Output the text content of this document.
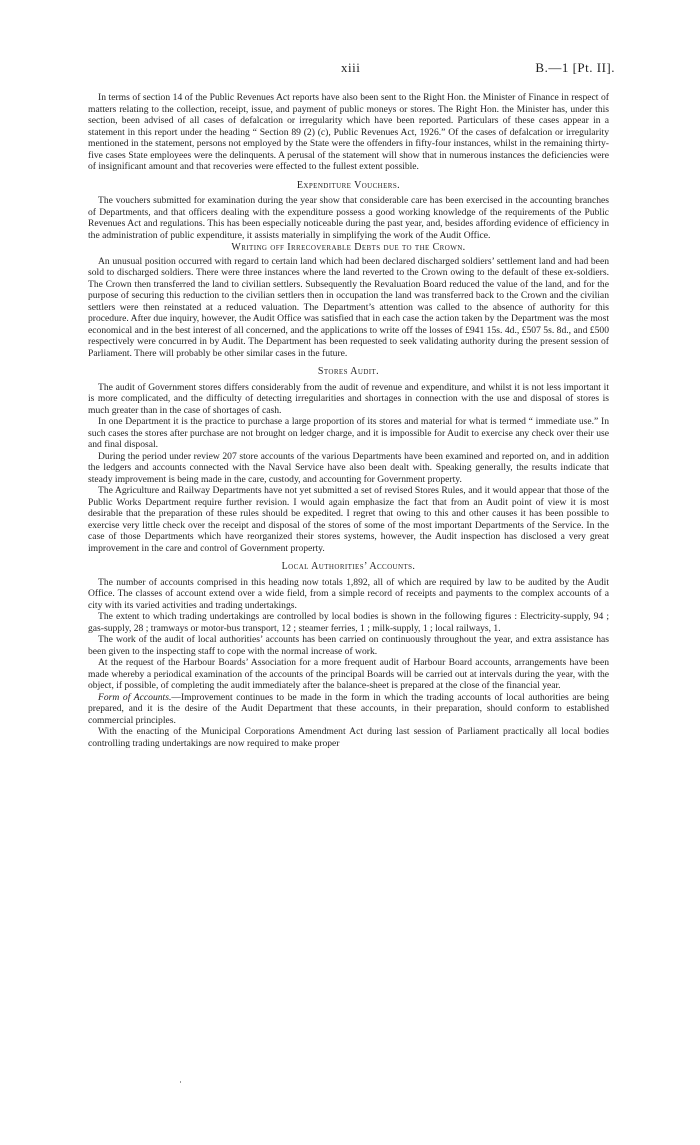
xiii	B.—1 [Pt. II].

In terms of section 14 of the Public Revenues Act reports have also been sent to the Right Hon. the Minister of Finance in respect of matters relating to the collection, receipt, issue, and payment of public moneys or stores. The Right Hon. the Minister has, under this section, been advised of all cases of defalcation or irregularity which have been reported. Particulars of these cases appear in a statement in this report under the heading “ Section 89 (2) (c), Public Revenues Act, 1926.” Of the cases of defalcation or irregularity mentioned in the statement, persons not employed by the State were the offenders in fifty-four instances, whilst in the remaining thirty-five cases State employees were the delinquents. A perusal of the statement will show that in numerous instances the deficiencies were of insignificant amount and that recoveries were effected to the fullest extent possible.

Expenditure Vouchers.

The vouchers submitted for examination during the year show that considerable care has been exercised in the accounting branches of Departments, and that officers dealing with the expenditure possess a good working knowledge of the requirements of the Public Revenues Act and regulations. This has been especially noticeable during the past year, and, besides affording evidence of efficiency in the administration of public expenditure, it assists materially in simplifying the work of the Audit Office.

Writing off Irrecoverable Debts due to the Crown.

An unusual position occurred with regard to certain land which had been declared discharged soldiers’ settlement land and had been sold to discharged soldiers. There were three instances where the land reverted to the Crown owing to the default of these ex-soldiers. The Crown then transferred the land to civilian settlers. Subsequently the Revaluation Board reduced the value of the land, and for the purpose of securing this reduction to the civilian settlers then in occupation the land was transferred back to the Crown and the civilian settlers were then reinstated at a reduced valuation. The Department’s attention was called to the absence of authority for this procedure. After due inquiry, however, the Audit Office was satisfied that in each case the action taken by the Department was the most economical and in the best interest of all concerned, and the applications to write off the losses of £941 15s. 4d., £507 5s. 8d., and £500 respectively were concurred in by Audit. The Department has been requested to seek validating authority during the present session of Parliament. There will probably be other similar cases in the future.

Stores Audit.

The audit of Government stores differs considerably from the audit of revenue and expenditure, and whilst it is not less important it is more complicated, and the difficulty of detecting irregularities and shortages in connection with the use and disposal of stores is much greater than in the case of shortages of cash.

In one Department it is the practice to purchase a large proportion of its stores and material for what is termed “ immediate use.” In such cases the stores after purchase are not brought on ledger charge, and it is impossible for Audit to exercise any check over their use and final disposal.

During the period under review 207 store accounts of the various Departments have been examined and reported on, and in addition the ledgers and accounts connected with the Naval Service have also been dealt with. Speaking generally, the results indicate that steady improvement is being made in the care, custody, and accounting for Government property.

The Agriculture and Railway Departments have not yet submitted a set of revised Stores Rules, and it would appear that those of the Public Works Department require further revision. I would again emphasize the fact that from an Audit point of view it is most desirable that the preparation of these rules should be expedited. I regret that owing to this and other causes it has been possible to exercise very little check over the receipt and disposal of the stores of some of the most important Departments of the Service. In the case of those Departments which have reorganized their stores systems, however, the Audit inspection has disclosed a very great improvement in the care and control of Government property.

Local Authorities’ Accounts.

The number of accounts comprised in this heading now totals 1,892, all of which are required by law to be audited by the Audit Office. The classes of account extend over a wide field, from a simple record of receipts and payments to the complex accounts of a city with its varied activities and trading undertakings.

The extent to which trading undertakings are controlled by local bodies is shown in the following figures : Electricity-supply, 94 ; gas-supply, 28 ; tramways or motor-bus transport, 12 ; steamer ferries, 1 ; milk-supply, 1 ; local railways, 1.

The work of the audit of local authorities’ accounts has been carried on continuously throughout the year, and extra assistance has been given to the inspecting staff to cope with the normal increase of work.

At the request of the Harbour Boards’ Association for a more frequent audit of Harbour Board accounts, arrangements have been made whereby a periodical examination of the accounts of the principal Boards will be carried out at intervals during the year, with the object, if possible, of completing the audit immediately after the balance-sheet is prepared at the close of the financial year.

Form of Accounts.—Improvement continues to be made in the form in which the trading accounts of local authorities are being prepared, and it is the desire of the Audit Department that these accounts, in their preparation, should conform to established commercial principles.

With the enacting of the Municipal Corporations Amendment Act during last session of Parliament practically all local bodies controlling trading undertakings are now required to make proper
